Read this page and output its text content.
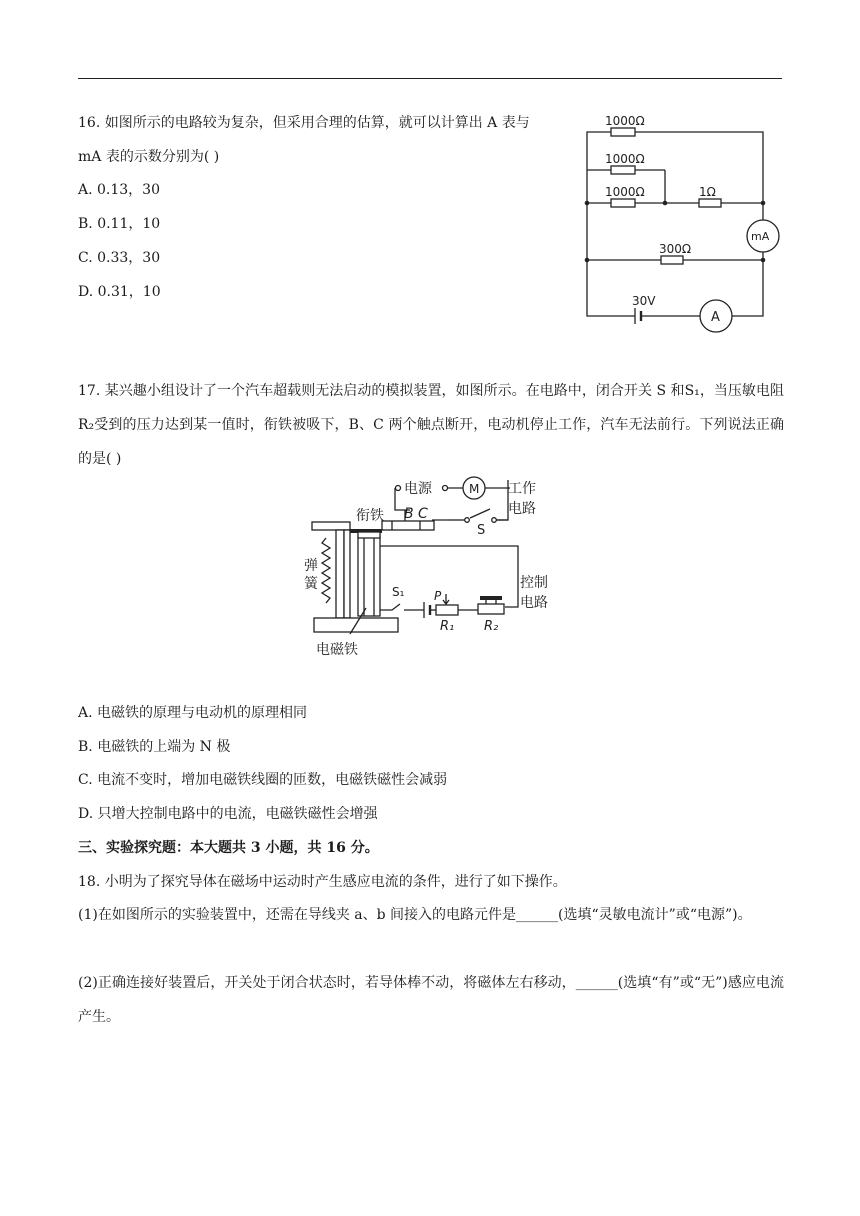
16. 如图所示的电路较为复杂，但采用合理的估算，就可以计算出 A 表与
mA 表的示数分别为( )
A. 0.13，30
B. 0.11，10
C. 0.33，30
D. 0.31，10
1000Ω
1000Ω
1000Ω	1Ω
300Ω
mA
30V
A
17. 某兴趣小组设计了一个汽车超载则无法启动的模拟装置，如图所示。在电路中，闭合开关 S 和S₁，当压敏电阻R₂受到的压力达到某一值时，衔铁被吸下，B、C 两个触点断开，电动机停止工作，汽车无法前行。下列说法正确的是( )
电源	M 工作
电路
衔铁 B C
S
弹
簧	S₁ P
R₁ R₂
控制
电路
电磁铁
A. 电磁铁的原理与电动机的原理相同
B. 电磁铁的上端为 N 极
C. 电流不变时，增加电磁铁线圈的匝数，电磁铁磁性会减弱
D. 只增大控制电路中的电流，电磁铁磁性会增强
三、实验探究题：本大题共 3 小题，共 16 分。
18. 小明为了探究导体在磁场中运动时产生感应电流的条件，进行了如下操作。
(1)在如图所示的实验装置中，还需在导线夹 a、b 间接入的电路元件是______(选填“灵敏电流计”或“电源”)。
(2)正确连接好装置后，开关处于闭合状态时，若导体棒不动，将磁体左右移动，______(选填“有”或“无”)感应电流产生。
